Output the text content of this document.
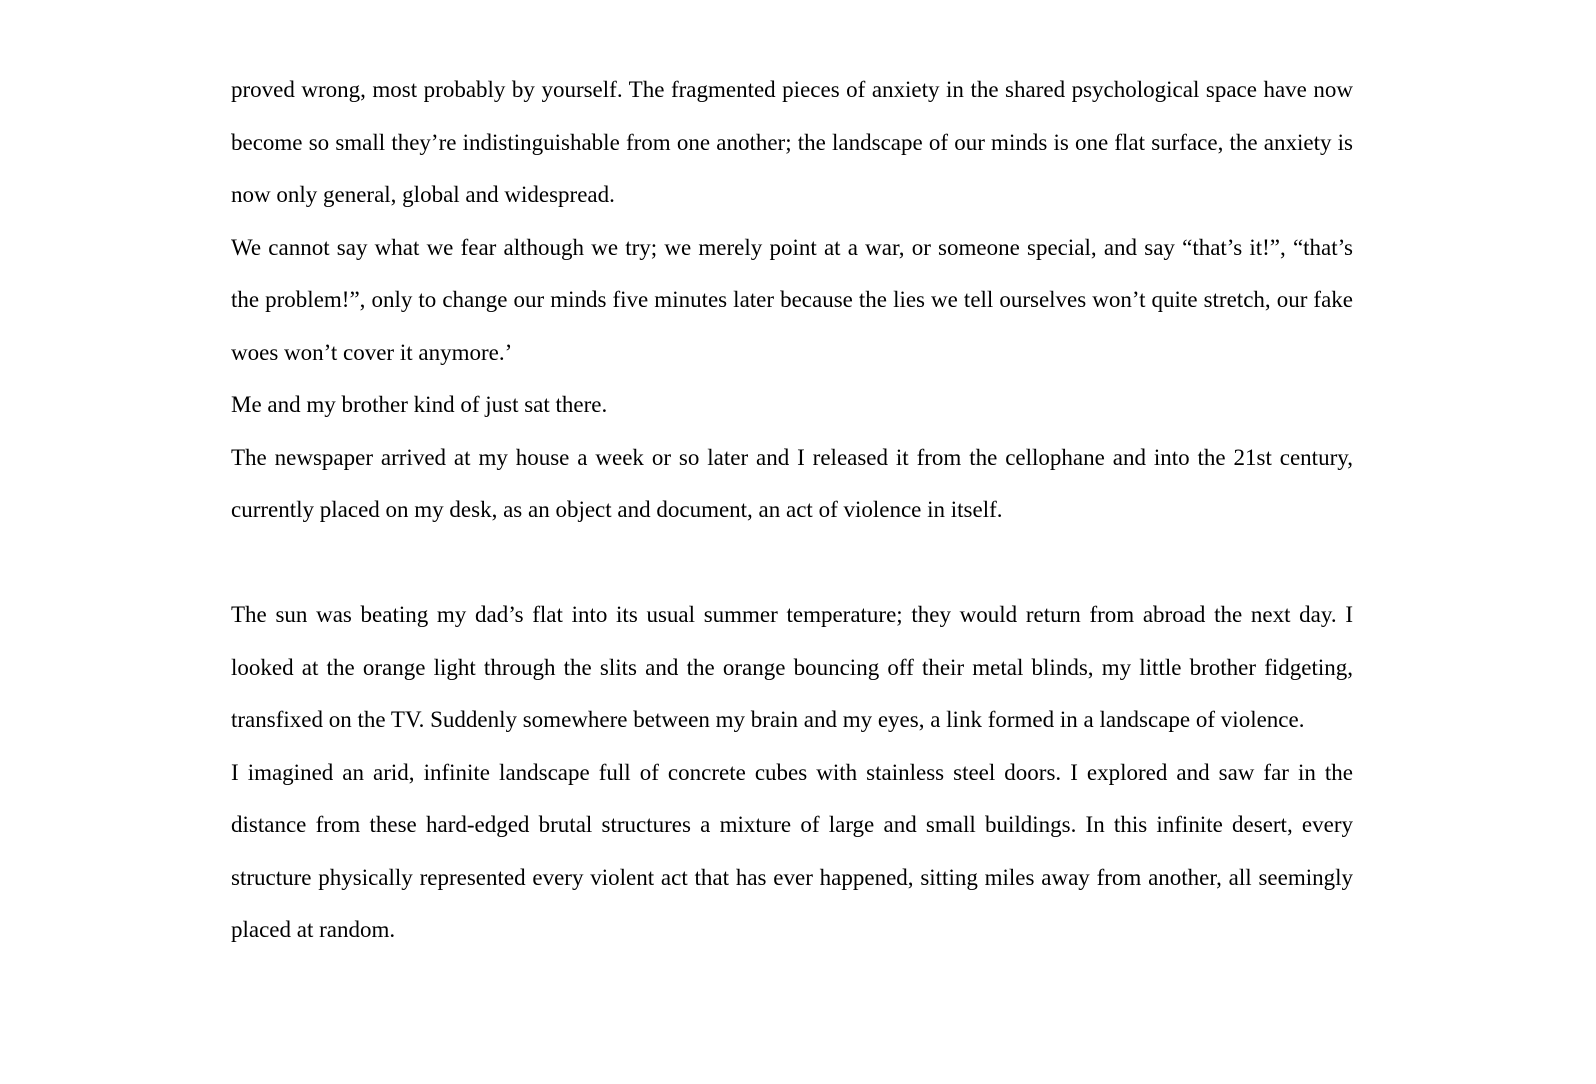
proved wrong, most probably by yourself. The fragmented pieces of anxiety in the shared psychological space have now become so small they’re indistinguishable from one another; the landscape of our minds is one flat surface, the anxiety is now only general, global and widespread.

We cannot say what we fear although we try; we merely point at a war, or someone special, and say “that’s it!”, “that’s the problem!”, only to change our minds five minutes later because the lies we tell ourselves won’t quite stretch, our fake woes won’t cover it anymore.’

Me and my brother kind of just sat there.

The newspaper arrived at my house a week or so later and I released it from the cellophane and into the 21st century, currently placed on my desk, as an object and document, an act of violence in itself.

The sun was beating my dad’s flat into its usual summer temperature; they would return from abroad the next day. I looked at the orange light through the slits and the orange bouncing off their metal blinds, my little brother fidgeting, transfixed on the TV. Suddenly somewhere between my brain and my eyes, a link formed in a landscape of violence.

I imagined an arid, infinite landscape full of concrete cubes with stainless steel doors. I explored and saw far in the distance from these hard-edged brutal structures a mixture of large and small buildings. In this infinite desert, every structure physically represented every violent act that has ever happened, sitting miles away from another, all seemingly placed at random.
